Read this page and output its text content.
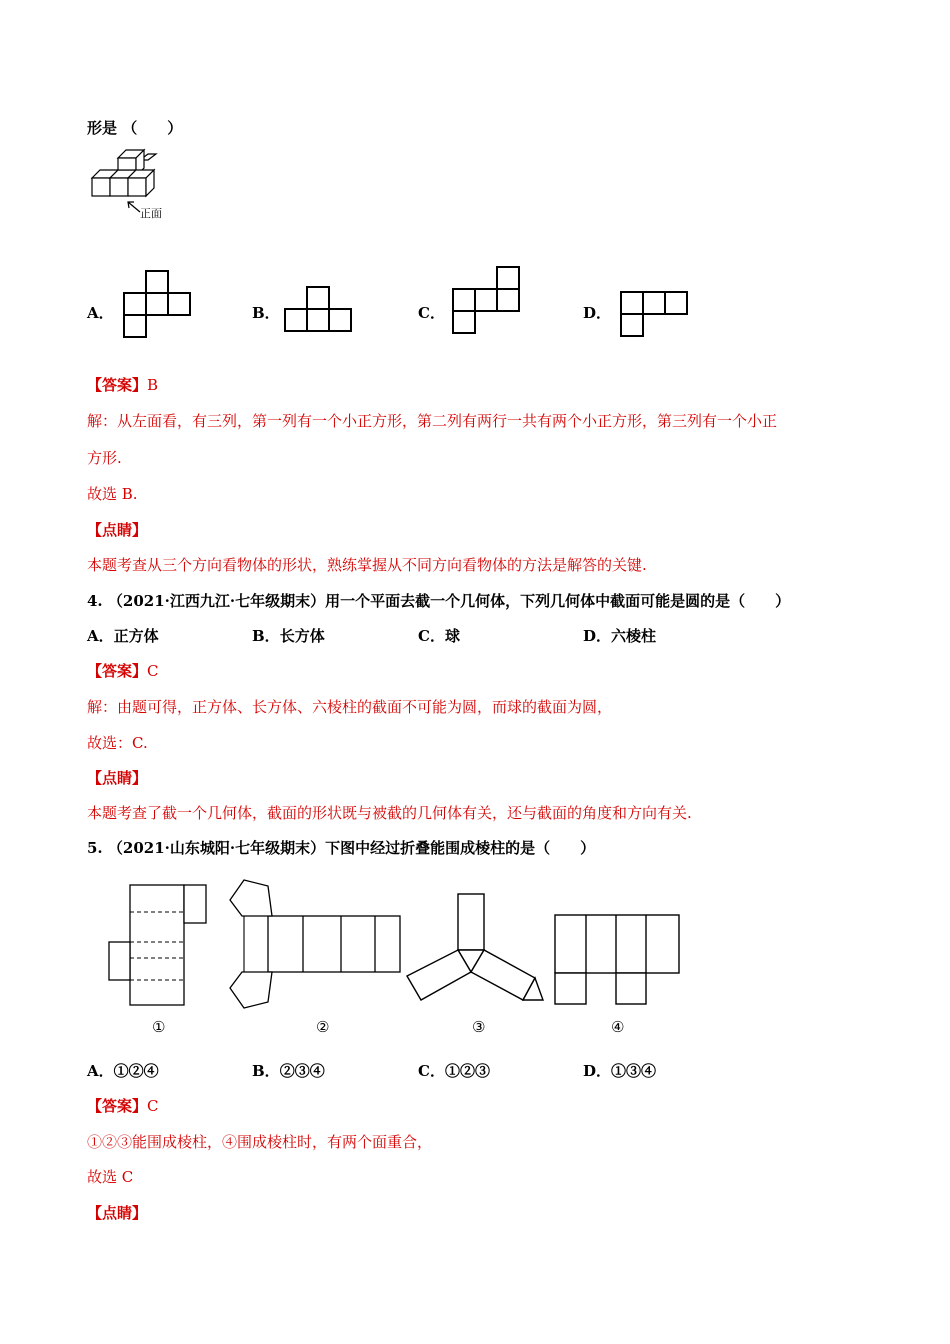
形是 （　　）
正面
A．	B．	C．	D．
【答案】B
解：从左面看，有三列，第一列有一个小正方形，第二列有两行一共有两个小正方形，第三列有一个小正
方形.
故选 B.
【点睛】
本题考查从三个方向看物体的形状，熟练掌握从不同方向看物体的方法是解答的关键.
4. （2021·江西九江·七年级期末）用一个平面去截一个几何体，下列几何体中截面可能是圆的是（　　）
A．正方体	B．长方体	C．球	D．六棱柱
【答案】C
解：由题可得，正方体、长方体、六棱柱的截面不可能为圆，而球的截面为圆，
故选：C.
【点睛】
本题考查了截一个几何体，截面的形状既与被截的几何体有关，还与截面的角度和方向有关.
5. （2021·山东城阳·七年级期末）下图中经过折叠能围成棱柱的是（　　）
①	②	③	④
A．①②④	B．②③④	C．①②③	D．①③④
【答案】C
①②③能围成棱柱，④围成棱柱时，有两个面重合，
故选 C
【点睛】
